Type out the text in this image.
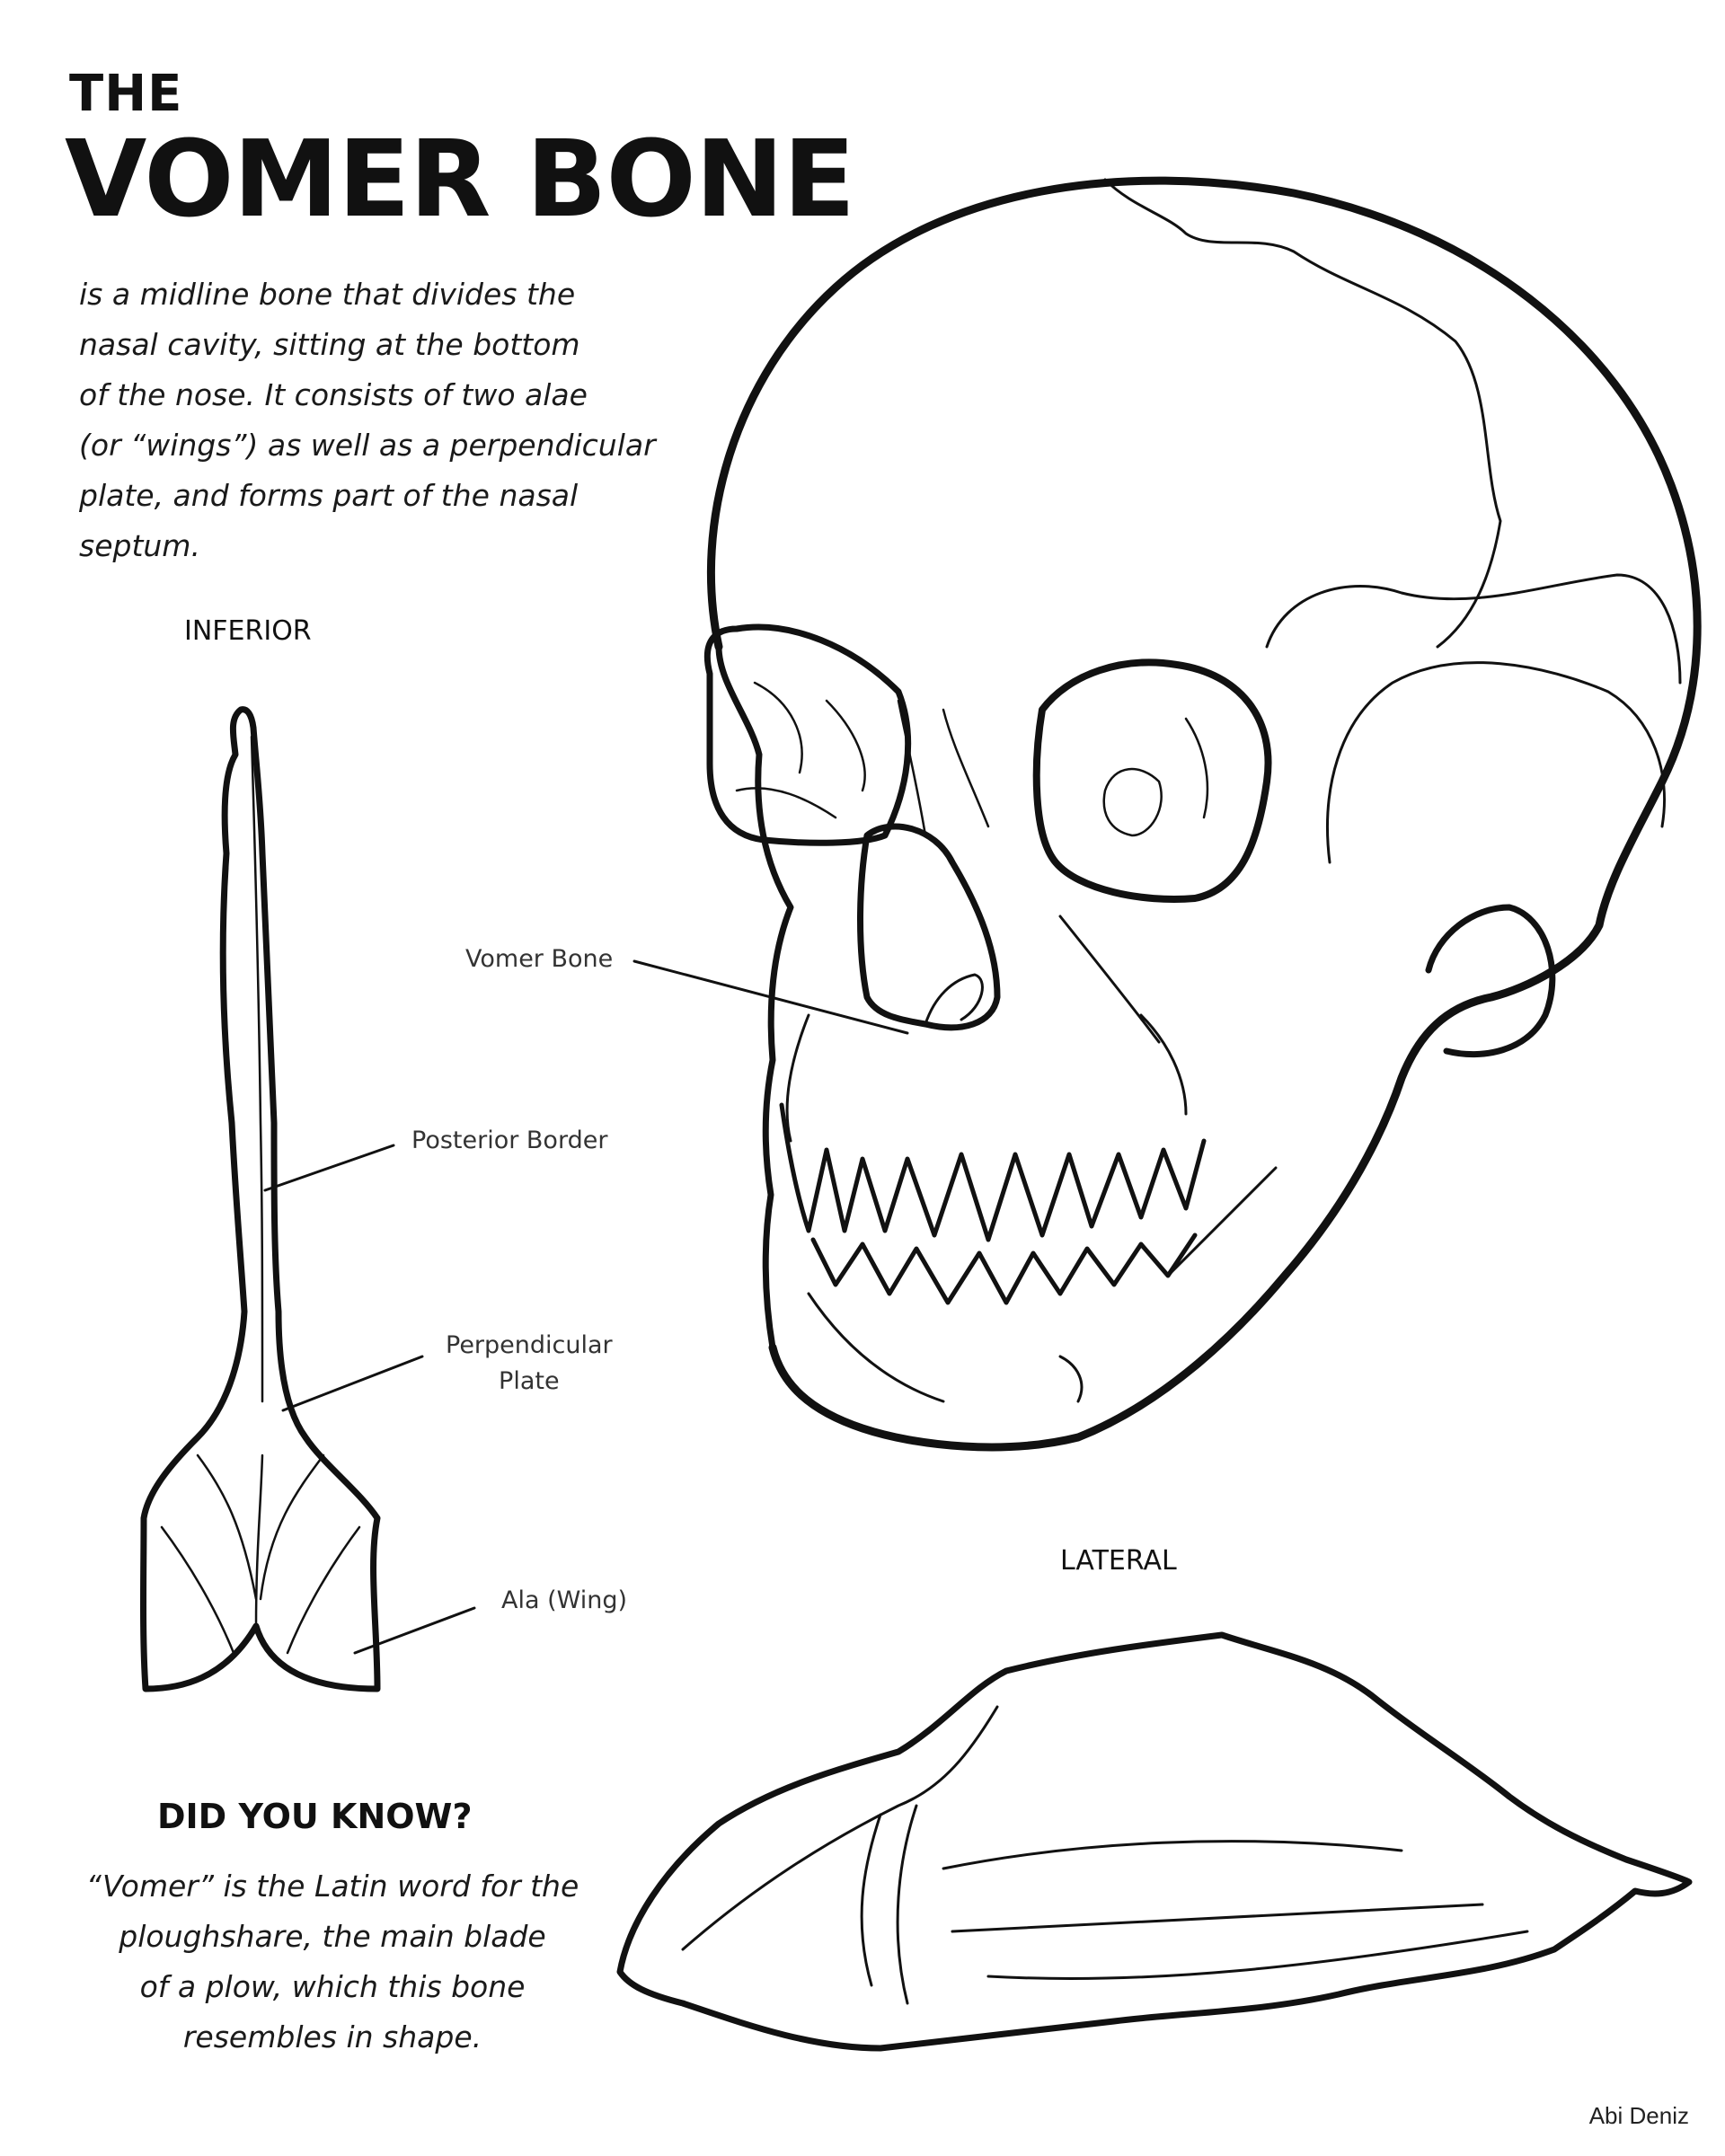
THE
VOMER BONE
is a midline bone that divides the
nasal cavity, sitting at the bottom
of the nose. It consists of two alae
(or “wings”) as well as a perpendicular
plate, and forms part of the nasal
septum.
INFERIOR
LATERAL
Vomer Bone
Posterior Border
Perpendicular
Plate
Ala (Wing)
DID YOU KNOW?
“Vomer” is the Latin word for the
ploughshare, the main blade
of a plow, which this bone
resembles in shape.
Abi Deniz
